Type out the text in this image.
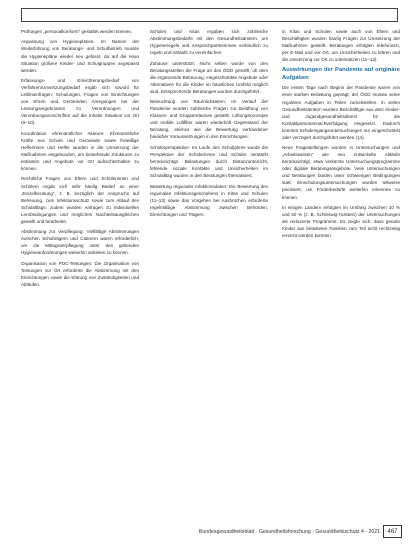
Prüfungen „personalkonform“ gestaltet werden können.

Anpassung von Hygieneplänen: Im Namen der Weiterführung von Beratungs- und Schulbetrieb musste die Hygienepläne wieder neu gefasst, da auf die neue Situation größere Kinder- und Schulgruppen angepasst werden.

Erfassungs- und Erleichterungsbedarf von Verfahren/Umsetzungsbedarf ergab sich sowohl für Leitlinienfragen, Schulungen, Fragen von Einrichtungen von Ehren und Gemeinden Anregungen bei der Leistungsergebnissen zu Verordnungen und Verordnungsvorschriften auf die Inhalte Situation vor Ort (9–10).

Koordination ehrenamtlicher Akteure: Ehrenamtliche Kräfte aus Schule und Gemeinde sowie freiwillige Helferinnen und Helfer wurden in die Umsetzung der Maßnahmen eingebunden, um bestehende Strukturen zu entlasten und Angebote vor Ort aufrechterhalten zu können.

Rechtliche Fragen von Eltern und Schülerinnen und Schülern ergab sich sehr häufig Bedarf an einer „Einzelberatung“, z. B. bezüglich der Anspruchs auf Betreuung, zum Infektionsschutz sowie zum Ablauf des Schulalltags; zudem wurden Anfragen zu individuellen Lernbedingungen und möglichen Nachteilsausgleichen gestellt und bearbeitet.

Abstimmung zur Verpflegung: Vielfältige Abstimmungen zwischen Schulträgern und Caterern waren erforderlich, um die Mittagsverpflegung unter den geltenden Hygieneanforderungen weiterhin anbieten zu können.

Organisation von POC-Testungen: Die Organisation von Testungen vor Ort erforderte die Abstimmung mit den Einrichtungen sowie die Klärung von Zuständigkeiten und Abläufen.

Schulen und Kitas ergaben sich zahlreiche Abstimmungsbedarfe mit den Gesundheitsämtern, um Hygieneregeln und Ansprechpartnerinnen verbindlich zu regeln und Abläufe zu vereinfachen.

Zuhause unterstützt: Nicht selten wurde von den Beratungsstellen die Frage an den ÖGD gestellt, ob dem die ergänzende Betreuung, eingeschränkte Angebote oder Alternativen für die Kinder im häuslichen Umfeld möglich sind. Entsprechende Beratungen wurden durchgeführt.

Beleuchtung von Räumlichkeiten: Im Verlauf der Pandemie wurden zahlreiche Fragen zur Belüftung von Klassen- und Gruppenräumen gestellt. Lüftungskonzepte und mobile Luftfilter waren wiederholt Gegenstand der Beratung, ebenso wie die Bewertung vorhandener baulicher Voraussetzungen in den Einrichtungen.

Schülerperspektive: Im Laufe des Schuljahres wurde die Perspektive der Schülerinnen und Schüler verstärkt berücksichtigt. Belastungen durch Distanzunterricht, fehlende soziale Kontakte und Unsicherheiten im Schulalltag wurden in den Beratungen thematisiert.

Bewertung regionaler Infektionsdaten: Die Bewertung des regionalen Infektionsgeschehens in Kitas und Schulen (11–13) sowie das Vorgehen bei Ausbrüchen erforderte regelmäßige Abstimmung zwischen Behörden, Einrichtungen und Trägern.

in Kitas und Schulen sowie auch von Eltern und Beschäftigten wurden häufig Fragen zur Umsetzung der Maßnahmen gestellt. Beratungen erfolgten telefonisch, per E-Mail und vor Ort, um Unsicherheiten zu klären und die Umsetzung vor Ort zu unterstützen (11–13).

Auswirkungen der Pandemie auf originäre Aufgaben

Die ersten Tage nach Beginn der Pandemie waren von einer starken Belastung geprägt; der ÖGD musste seine regulären Aufgaben in Teilen zurückstellen. In vielen Gesundheitsämtern wurden Beschäftigte aus dem Kinder- und Jugendgesundheitsdienst für die Kontaktpersonennachverfolgung eingesetzt. Dadurch konnten Schuleingangsuntersuchungen nur eingeschränkt oder verzögert durchgeführt werden (14).

Neue Fragestellungen wurden in Untersuchungen und „Arbeitsweisen“ wie neu entwickelte Abläufe berücksichtigt, etwa verkürzte Untersuchungsprogramme oder digitale Beratungsangebote. Viele Untersuchungen und Beratungen fanden unter schwierigen Bedingungen statt; Einschulungsuntersuchungen wurden teilweise priorisiert, um Förderbedarfe weiterhin erkennen zu können.

In einigen Ländern erfolgten im Umfang zwischen 10 % und 60 % (z. B. Schleswig-Holstein) der Untersuchungen als reduzierte Programme. Es zeigte sich, dass gerade Kinder aus belasteten Familien zum Teil nicht rechtzeitig erreicht werden konnten.

Bundesgesundheitsblatt · Gesundheitsforschung · Gesundheitsschutz 4 · 2021	467
